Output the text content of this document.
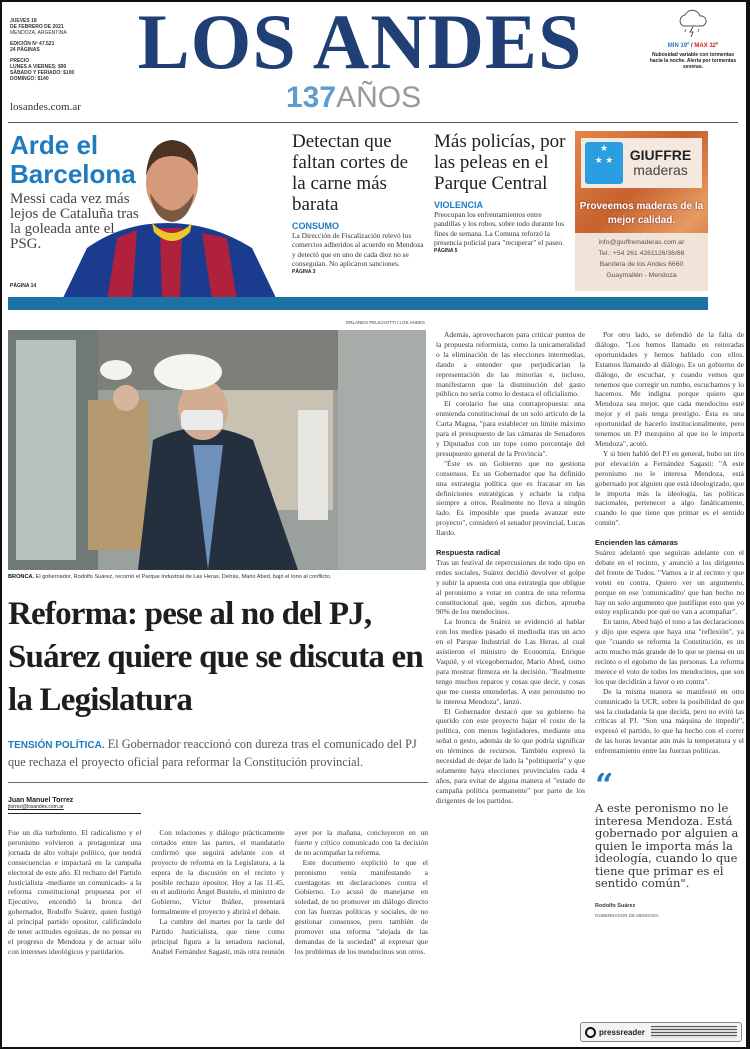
JUEVES 18
DE FEBRERO DE 2021
MENDOZA, ARGENTINA

EDICIÓN Nº 47.521
24 PÁGINAS

PRECIO
LUNES A VIERNES: $90
SÁBADO Y FERIADO: $100
DOMINGO: $140

losandes.com.ar
LOS ANDES
137AÑOS
MIN 19º / MAX 32º
Nubosidad variable con tormentas hacia la noche. Alerta por tormentas severas.
Arde el Barcelona
Messi cada vez más lejos de Cataluña tras la goleada ante el PSG.
PÁGINA 14
Detectan que faltan cortes de la carne más barata
CONSUMO
La Dirección de Fiscalización relevó los comercios adheridos al acuerdo en Mendoza y detectó que en uno de cada diez no se conseguían. No aplicaron sanciones.
PÁGINA 3
Más policías, por las peleas en el Parque Central
VIOLENCIA
Preocupan los enfrentamientos entre pandillas y los robos, sobre todo durante los fines de semana. La Comuna reforzó la presencia policial para "recuperar" el paseo.
PÁGINA 5
★
★ ★	GIUFFRE
maderas
Proveemos maderas de la mejor calidad.
info@giuffremaderas.com.ar
Tel.: +54 261 4261126/36/86
Bandera de los Andes 6660
Guaymallén - Mendoza
ORLANDO PELICHOTTI / LOS ANDES
BRONCA. El gobernador, Rodolfo Suárez, recorrió el Parque Industrial de Las Heras. Detrás, Mario Abed, bajó el tono al conflicto.
Reforma: pese al no del PJ, Suárez quiere que se discuta en la Legislatura
TENSIÓN POLÍTICA. El Gobernador reaccionó con dureza tras el comunicado del PJ que rechaza el proyecto oficial para reformar la Constitución provincial.
Juan Manuel Torrez
jtorrez@losandes.com.ar

Fue un día turbulento. El radicalismo y el peronismo volvieron a protagonizar una jornada de alto voltaje político, que tendrá consecuencias e impactará en la campaña electoral de este año. El rechazo del Partido Justicialista -mediante un comunicado- a la reforma constitucional propuesta por el Ejecutivo, encendió la bronca del gobernador, Rodolfo Suárez, quien fustigó al principal partido opositor, calificándolo de tener actitudes egoístas, de no pensar en el progreso de Mendoza y de actuar sólo con intereses ideológicos y partidarios.

Con relaciones y diálogo prácticamente cortados entre las partes, el mandatario confirmó que seguirá adelante con el proyecto de reforma en la Legislatura, a la espera de la discusión en el recinto y posible rechazo opositor. Hoy a las 11.45, en el auditorio Ángel Bustelo, el ministro de Gobierno, Víctor Ibáñez, presentará formalmente el proyecto y abrirá el debate.

La cumbre del martes por la tarde del Partido Justicialista, que tiene como principal figura a la senadora nacional, Anabel Fernández Sagasti, más otra reunión ayer por la mañana, concluyeron en un fuerte y crítico comunicado con la decisión de no acompañar la reforma.

Este documento explicitó lo que el peronismo venía manifestando a cuentagotas en declaraciones contra el Gobierno. Lo acusó de manejarse en soledad, de no promover un diálogo directo con las fuerzas políticas y sociales, de no gestionar consensos, pero también de promover una reforma "alejada de las demandas de la sociedad" al expresar que los problemas de los mendocinos son otros.

Además, aprovecharon para criticar puntos de la propuesta reformista, como la unicameralidad o la eliminación de las elecciones intermedias, dando a entender que perjudicarían la representación de las minorías e, incluso, manifestaron que la disminución del gasto público no sería como lo destaca el oficialismo.

El corolario fue una contrapropuesta: una enmienda constitucional de un solo artículo de la Carta Magna, "para establecer un límite máximo para el presupuesto de las cámaras de Senadores y Diputados con un tope como porcentaje del presupuesto general de la Provincia".

"Éste es un Gobierno que no gestiona consensos. Es un Gobernador que ha definido una estrategia política que es fracasar en las definiciones estratégicas y echarle la culpa siempre a otros. Realmente no lleva a ningún lado. Es imposible que pueda avanzar este proyecto", consideró el senador provincial, Lucas Ilardo.

Respuesta radical

Tras un festival de repercusiones de todo tipo en redes sociales, Suárez decidió devolver el golpe y subir la apuesta con una estrategia que obligue al peronismo a votar en contra de una reforma constitucional que, según sus dichos, aprueba 90% de los mendocinos.

La bronca de Suárez se evidenció al hablar con los medios pasado el mediodía tras un acto en el Parque Industrial de Las Heras, al cual asistieron el ministro de Economía, Enrique Vaquié, y el vicegobernador, Mario Abed, como para mostrar firmeza en la decisión. "Realmente tengo muchos reparos y cosas que decir, y cosas que me cuesta entenderlas. A este peronismo no le interesa Mendoza", lanzó.

El Gobernador destacó que su gobierno ha querido con este proyecto bajar el costo de la política, con menos legisladores, mediante una señal o gesto, además de lo que podría significar en términos de recursos. También expresó la necesidad de dejar de lado la "politiquería" y que solamente haya elecciones provinciales cada 4 años, para evitar de alguna manera el "estado de campaña política permanente" por parte de los dirigentes de los partidos.

Por otro lado, se defendió de la falta de diálogo. "Los hemos llamado en reiteradas oportunidades y hemos hablado con ellos. Estamos llamando al diálogo. Es un gobierno de diálogo, de escuchar, y cuando vemos que tenemos que corregir un rumbo, escuchamos y lo hacemos. Me indigna porque quiero que Mendoza sea mejor, que cada mendocino esté mejor y el país tenga prestigio. Ésta es una oportunidad de hacerlo institucionalmente, pero tenemos un PJ mezquino al que no le importa Mendoza", acotó.

Y si bien habló del PJ en general, hubo un tiro por elevación a Fernández Sagasti: "A este peronismo no le interesa Mendoza, está gobernado por alguien que está ideologizado, que le importa más la ideología, las políticas nacionales, pertenecer a algo fanáticamente, cuando lo que tiene que primar es el sentido común".

Encienden las cámaras

Suárez adelantó que seguirán adelante con el debate en el recinto, y anunció a los dirigentes del frente de Todos. "Vamos a ir al recinto y que voten en contra. Quiero ver un argumento, porque en ese 'comunicadito' que han hecho no hay un solo argumento que justifique esto que yo estoy explicando por qué no van a acompañar".

En tanto, Abed bajó el tono a las declaraciones y dijo que espera que haya una "reflexión", ya que "cuando se reforma la Constitución, es un acto mucho más grande de lo que se piensa en un recinto o el egoísmo de las personas. La reforma merece el voto de todos los mendocinos, que son los que decidirán a favor o en contra".

De la misma manera se manifestó en otro comunicado la UCR, sobre la posibilidad de que sea la ciudadanía la que decida, pero no evitó las críticas al PJ. "Son una máquina de impedir", expresó el partido, lo que ha hecho con el correr de las horas levantar aún más la temperatura y el enfrentamiento entre las fuerzas políticas.

“
A este peronismo no le interesa Mendoza. Está gobernado por alguien a quien le importa más la ideología, cuando lo que tiene que primar es el sentido común".
Rodolfo Suárez
GOBERNADOR DE MENDOZA
pressreader
